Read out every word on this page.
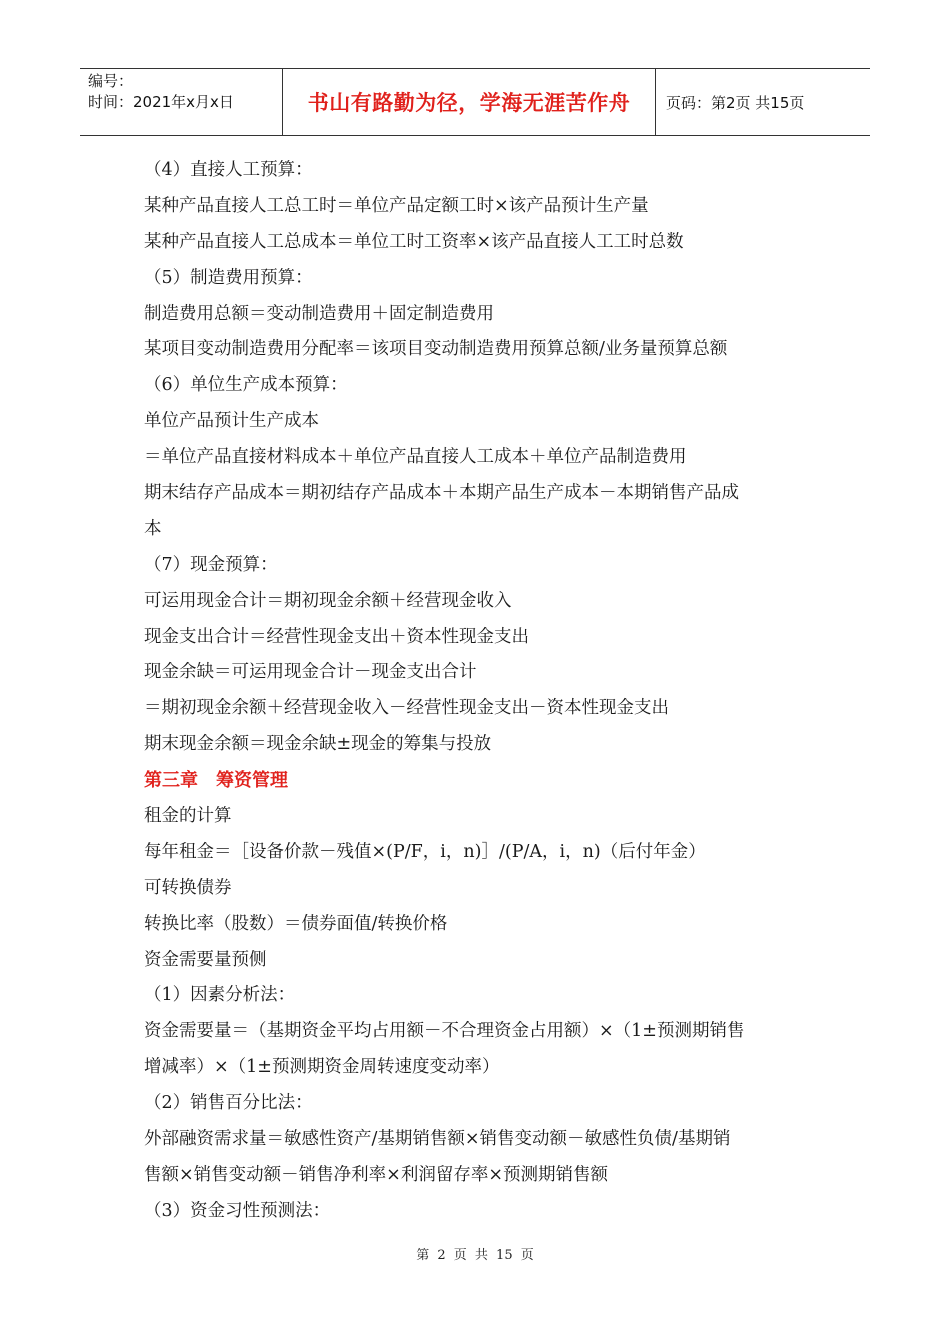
编号：
时间：2021年x月x日	书山有路勤为径，学海无涯苦作舟	页码：第2页 共15页
（4）直接人工预算：
某种产品直接人工总工时＝单位产品定额工时×该产品预计生产量
某种产品直接人工总成本＝单位工时工资率×该产品直接人工工时总数
（5）制造费用预算：
制造费用总额＝变动制造费用＋固定制造费用
某项目变动制造费用分配率＝该项目变动制造费用预算总额/业务量预算总额
（6）单位生产成本预算：
单位产品预计生产成本
＝单位产品直接材料成本＋单位产品直接人工成本＋单位产品制造费用
期末结存产品成本＝期初结存产品成本＋本期产品生产成本－本期销售产品成
本
（7）现金预算：
可运用现金合计＝期初现金余额＋经营现金收入
现金支出合计＝经营性现金支出＋资本性现金支出
现金余缺＝可运用现金合计－现金支出合计
＝期初现金余额＋经营现金收入－经营性现金支出－资本性现金支出
期末现金余额＝现金余缺±现金的筹集与投放
第三章　筹资管理
租金的计算
每年租金＝［设备价款－残值×(P/F，i，n)］/(P/A，i，n)（后付年金）
可转换债券
转换比率（股数）＝债券面值/转换价格
资金需要量预侧
（1）因素分析法：
资金需要量＝（基期资金平均占用额－不合理资金占用额）×（1±预测期销售
增减率）×（1±预测期资金周转速度变动率）
（2）销售百分比法：
外部融资需求量＝敏感性资产/基期销售额×销售变动额－敏感性负债/基期销
售额×销售变动额－销售净利率×利润留存率×预测期销售额
（3）资金习性预测法：
第 2 页 共 15 页
